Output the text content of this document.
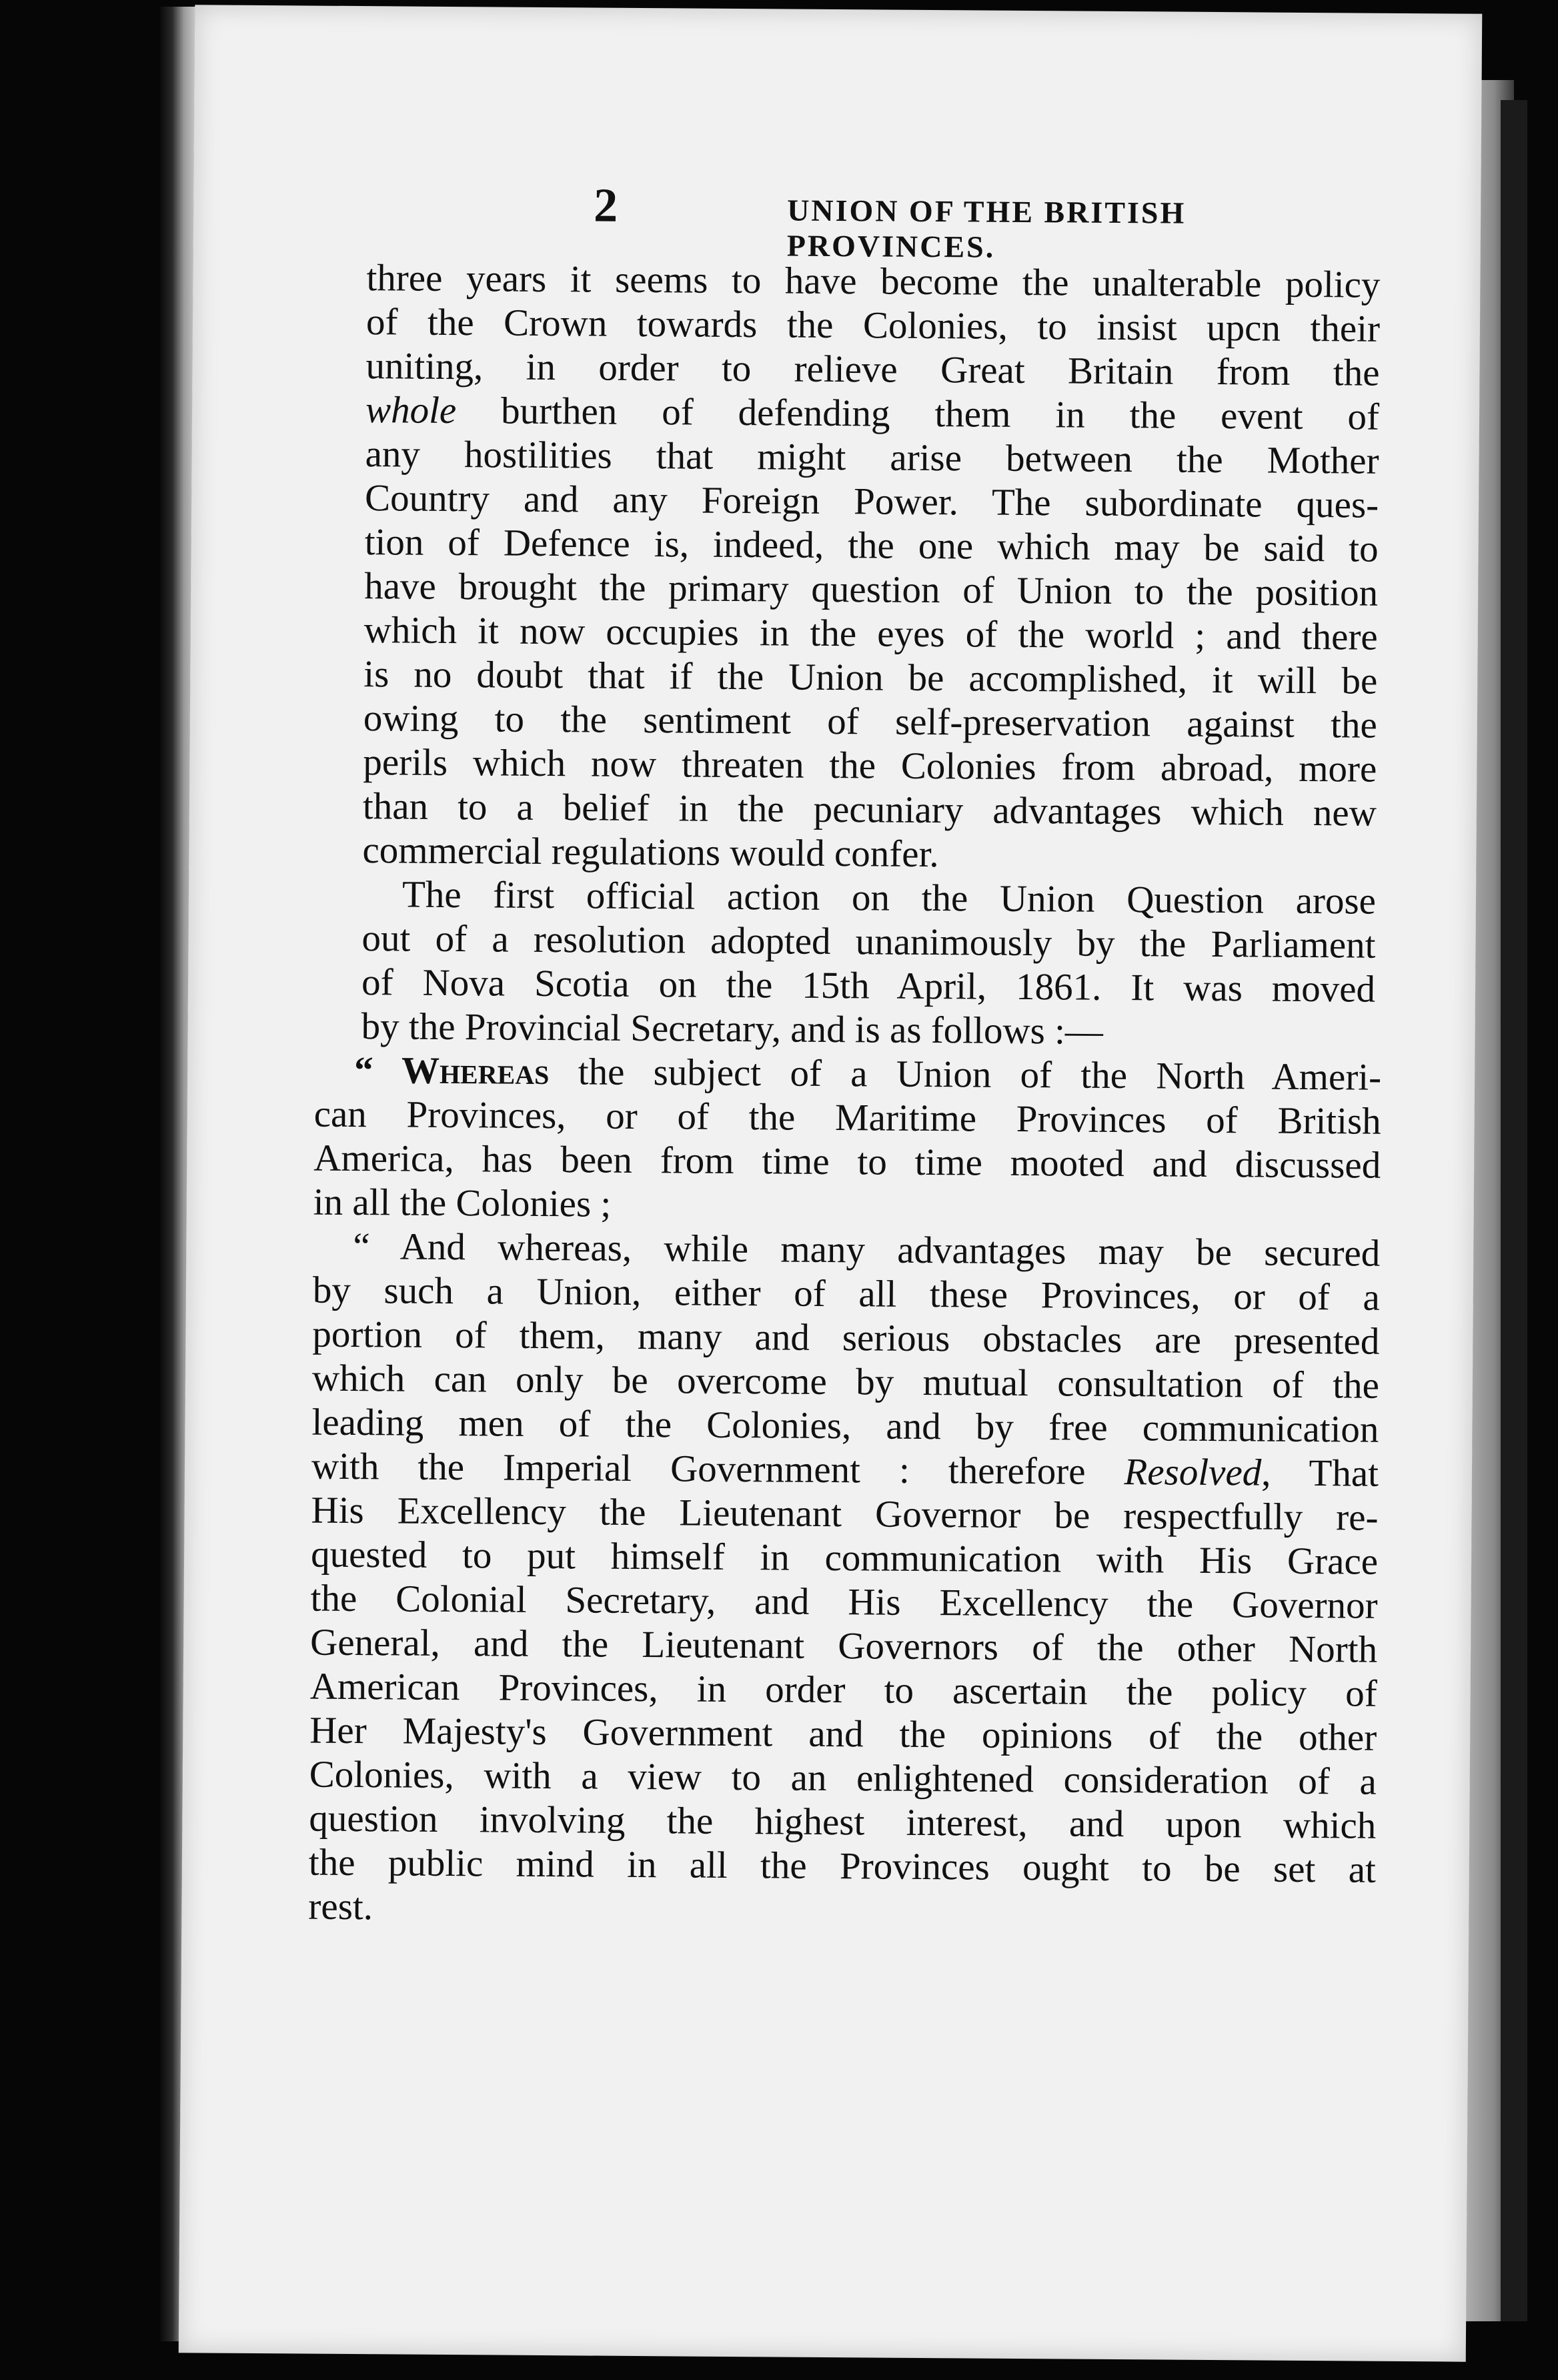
2	UNION OF THE BRITISH PROVINCES.
three years it seems to have become the unalterable policy
of the Crown towards the Colonies, to insist upcn their
uniting, in order to relieve Great Britain from the
whole burthen of defending them in the event of
any hostilities that might arise between the Mother
Country and any Foreign Power. The subordinate ques-
tion of Defence is, indeed, the one which may be said to
have brought the primary question of Union to the position
which it now occupies in the eyes of the world ; and there
is no doubt that if the Union be accomplished, it will be
owing to the sentiment of self-preservation against the
perils which now threaten the Colonies from abroad, more
than to a belief in the pecuniary advantages which new
commercial regulations would confer.
The first official action on the Union Question arose
out of a resolution adopted unanimously by the Parliament
of Nova Scotia on the 15th April, 1861. It was moved
by the Provincial Secretary, and is as follows :—
“ Whereas the subject of a Union of the North Ameri-
can Provinces, or of the Maritime Provinces of British
America, has been from time to time mooted and discussed
in all the Colonies ;
“ And whereas, while many advantages may be secured
by such a Union, either of all these Provinces, or of a
portion of them, many and serious obstacles are presented
which can only be overcome by mutual consultation of the
leading men of the Colonies, and by free communication
with the Imperial Government : therefore Resolved, That
His Excellency the Lieutenant Governor be respectfully re-
quested to put himself in communication with His Grace
the Colonial Secretary, and His Excellency the Governor
General, and the Lieutenant Governors of the other North
American Provinces, in order to ascertain the policy of
Her Majesty's Government and the opinions of the other
Colonies, with a view to an enlightened consideration of a
question involving the highest interest, and upon which
the public mind in all the Provinces ought to be set at
rest.
